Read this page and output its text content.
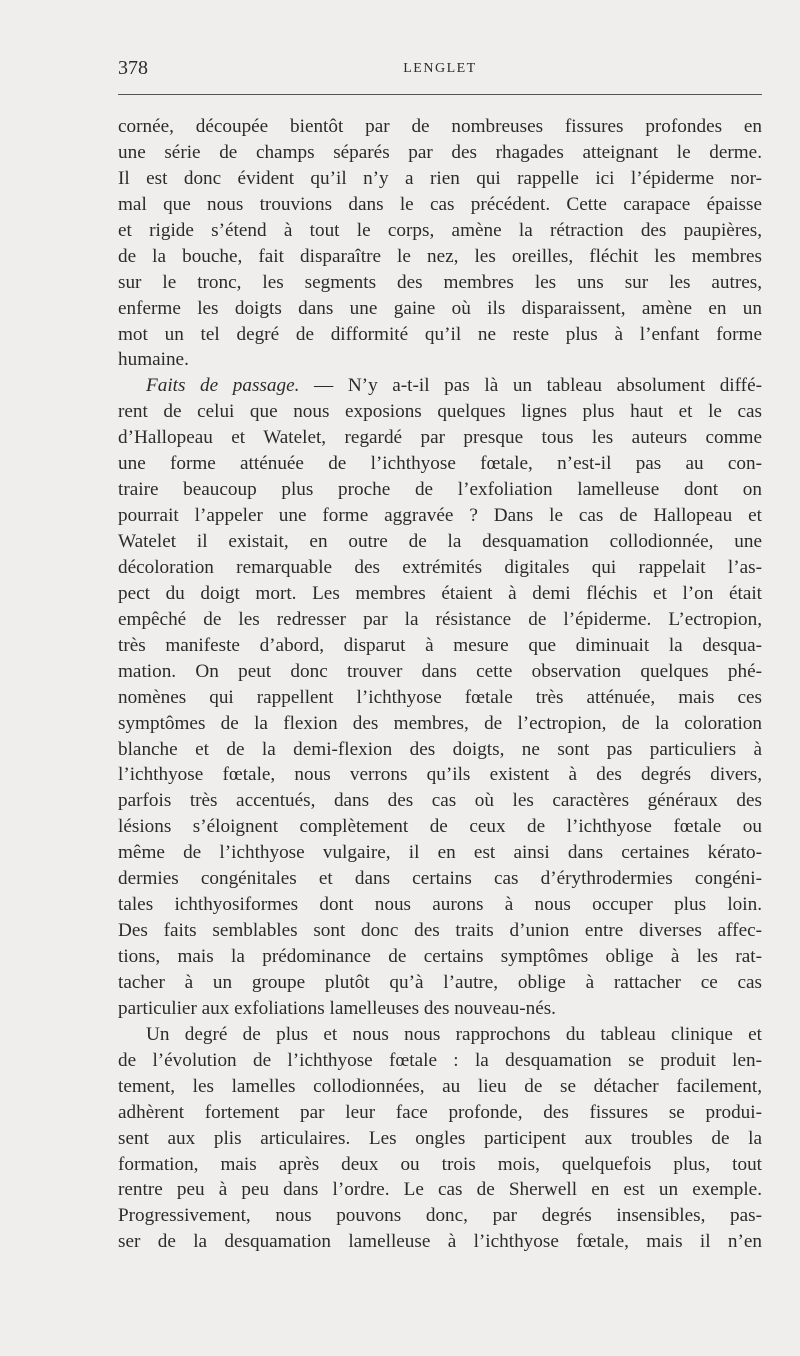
378	LENGLET
cornée, découpée bientôt par de nombreuses fissures profondes en
une série de champs séparés par des rhagades atteignant le derme.
Il est donc évident qu’il n’y a rien qui rappelle ici l’épiderme nor-
mal que nous trouvions dans le cas précédent. Cette carapace épaisse
et rigide s’étend à tout le corps, amène la rétraction des paupières,
de la bouche, fait disparaître le nez, les oreilles, fléchit les membres
sur le tronc, les segments des membres les uns sur les autres,
enferme les doigts dans une gaine où ils disparaissent, amène en un
mot un tel degré de difformité qu’il ne reste plus à l’enfant forme
humaine.
Faits de passage. — N’y a-t-il pas là un tableau absolument diffé-
rent de celui que nous exposions quelques lignes plus haut et le cas
d’Hallopeau et Watelet, regardé par presque tous les auteurs comme
une forme atténuée de l’ichthyose fœtale, n’est-il pas au con-
traire beaucoup plus proche de l’exfoliation lamelleuse dont on
pourrait l’appeler une forme aggravée ? Dans le cas de Hallopeau et
Watelet il existait, en outre de la desquamation collodionnée, une
décoloration remarquable des extrémités digitales qui rappelait l’as-
pect du doigt mort. Les membres étaient à demi fléchis et l’on était
empêché de les redresser par la résistance de l’épiderme. L’ectropion,
très manifeste d’abord, disparut à mesure que diminuait la desqua-
mation. On peut donc trouver dans cette observation quelques phé-
nomènes qui rappellent l’ichthyose fœtale très atténuée, mais ces
symptômes de la flexion des membres, de l’ectropion, de la coloration
blanche et de la demi-flexion des doigts, ne sont pas particuliers à
l’ichthyose fœtale, nous verrons qu’ils existent à des degrés divers,
parfois très accentués, dans des cas où les caractères généraux des
lésions s’éloignent complètement de ceux de l’ichthyose fœtale ou
même de l’ichthyose vulgaire, il en est ainsi dans certaines kérato-
dermies congénitales et dans certains cas d’érythrodermies congéni-
tales ichthyosiformes dont nous aurons à nous occuper plus loin.
Des faits semblables sont donc des traits d’union entre diverses affec-
tions, mais la prédominance de certains symptômes oblige à les rat-
tacher à un groupe plutôt qu’à l’autre, oblige à rattacher ce cas
particulier aux exfoliations lamelleuses des nouveau-nés.
Un degré de plus et nous nous rapprochons du tableau clinique et
de l’évolution de l’ichthyose fœtale : la desquamation se produit len-
tement, les lamelles collodionnées, au lieu de se détacher facilement,
adhèrent fortement par leur face profonde, des fissures se produi-
sent aux plis articulaires. Les ongles participent aux troubles de la
formation, mais après deux ou trois mois, quelquefois plus, tout
rentre peu à peu dans l’ordre. Le cas de Sherwell en est un exemple.
Progressivement, nous pouvons donc, par degrés insensibles, pas-
ser de la desquamation lamelleuse à l’ichthyose fœtale, mais il n’en
